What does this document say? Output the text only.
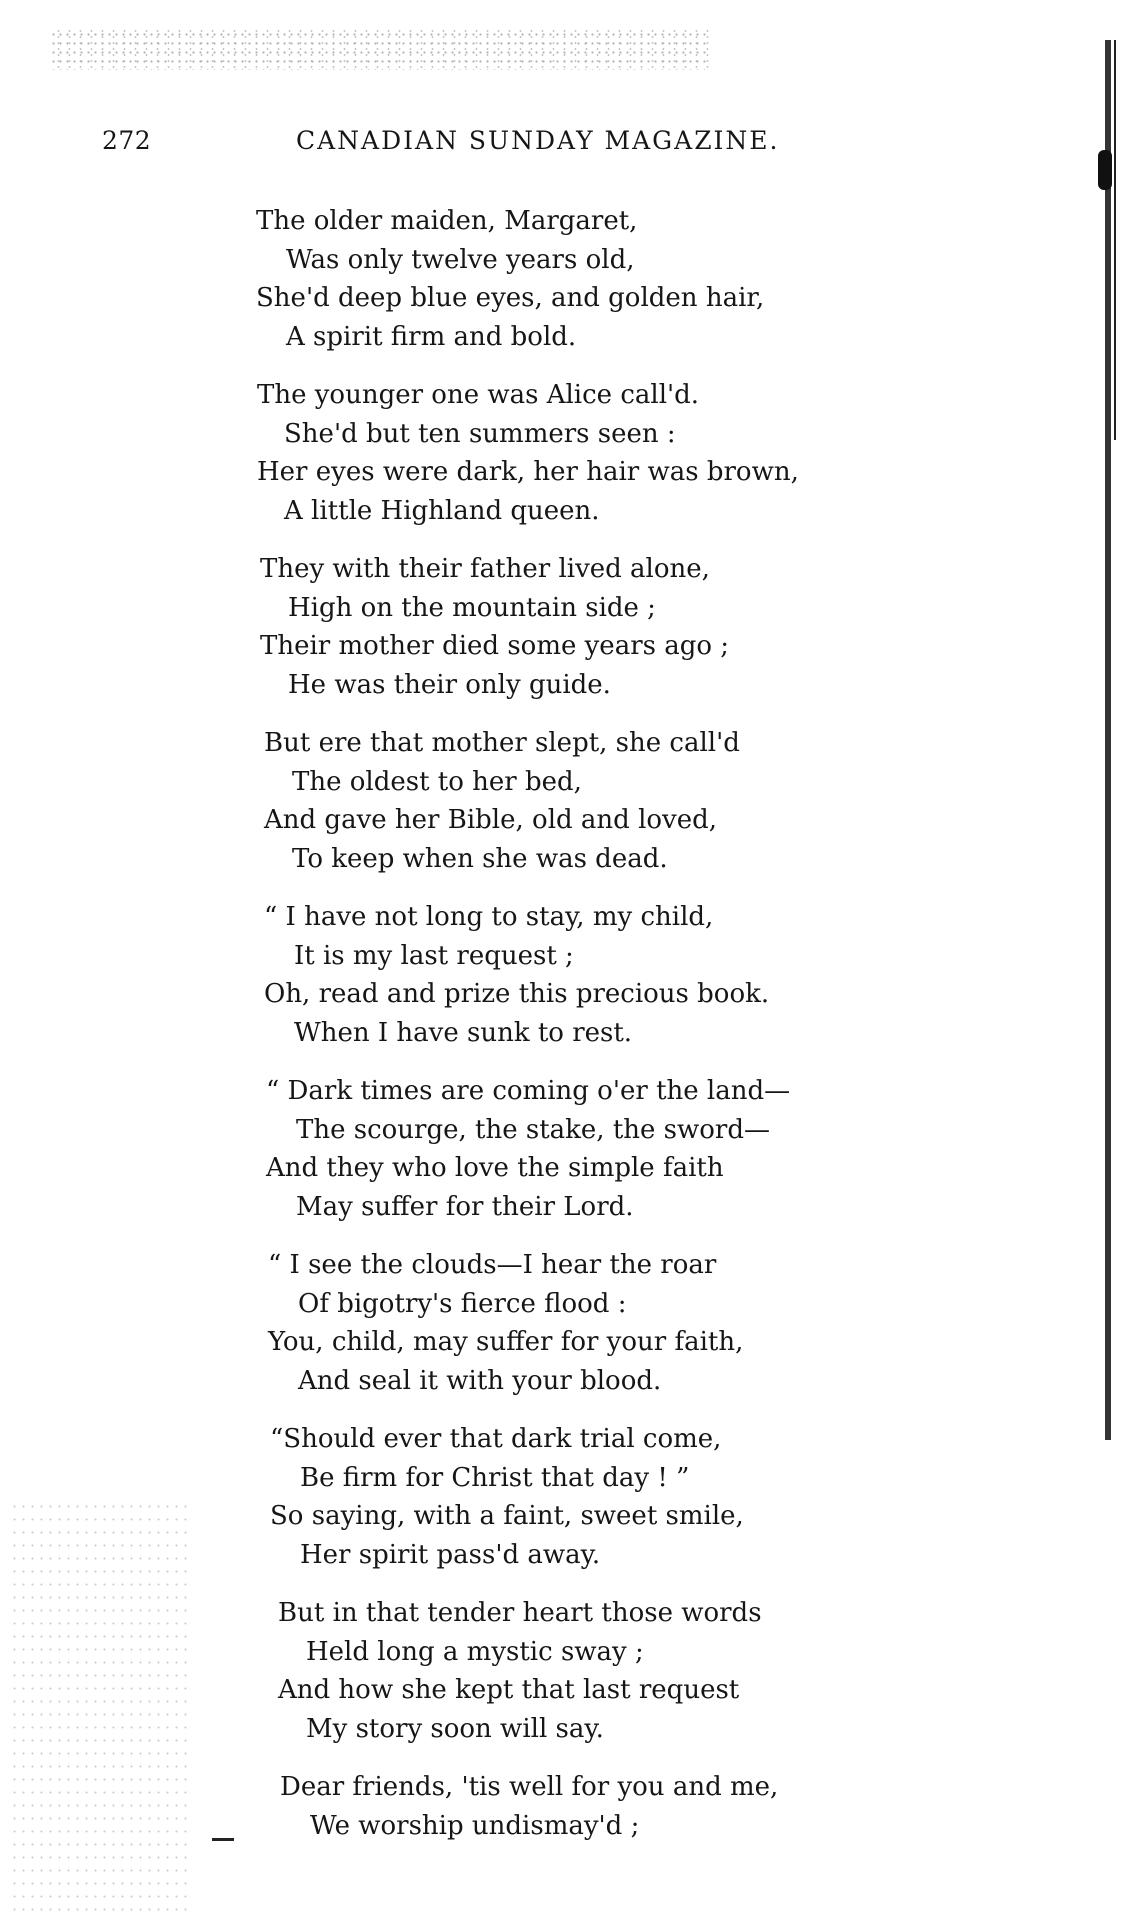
272	CANADIAN SUNDAY MAGAZINE.
The older maiden, Margaret,
Was only twelve years old,
She'd deep blue eyes, and golden hair,
A spirit firm and bold.
The younger one was Alice call'd.
She'd but ten summers seen :
Her eyes were dark, her hair was brown,
A little Highland queen.
They with their father lived alone,
High on the mountain side ;
Their mother died some years ago ;
He was their only guide.
But ere that mother slept, she call'd
The oldest to her bed,
And gave her Bible, old and loved,
To keep when she was dead.
“ I have not long to stay, my child,
It is my last request ;
Oh, read and prize this precious book.
When I have sunk to rest.
“ Dark times are coming o'er the land—
The scourge, the stake, the sword—
And they who love the simple faith
May suffer for their Lord.
“ I see the clouds—I hear the roar
Of bigotry's fierce flood :
You, child, may suffer for your faith,
And seal it with your blood.
“Should ever that dark trial come,
Be firm for Christ that day ! ”
So saying, with a faint, sweet smile,
Her spirit pass'd away.
But in that tender heart those words
Held long a mystic sway ;
And how she kept that last request
My story soon will say.
Dear friends, 'tis well for you and me,
We worship undismay'd ;
